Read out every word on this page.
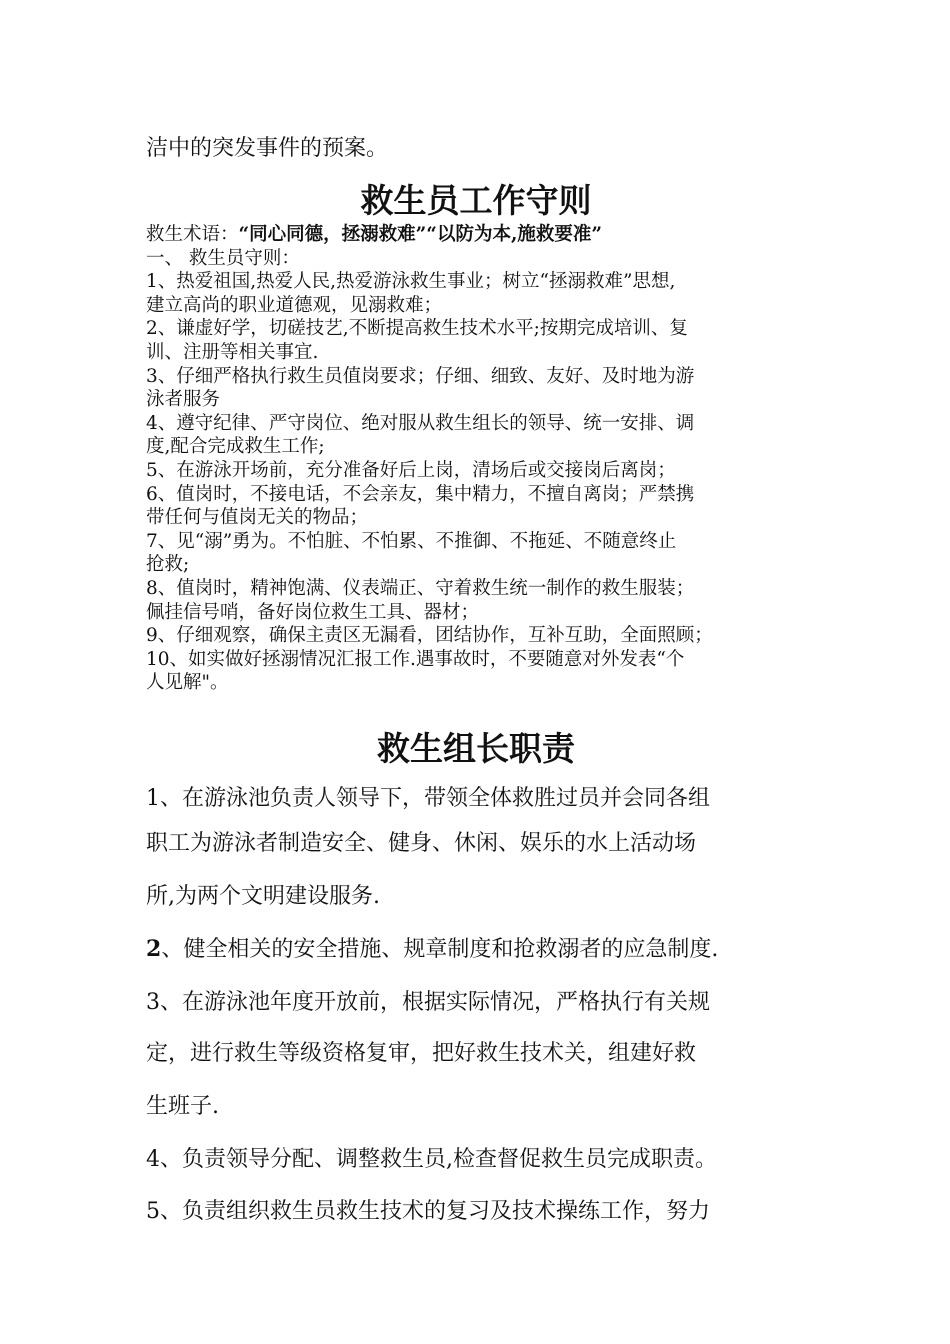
洁中的突发事件的预案。
救生员工作守则
救生术语：“同心同德，拯溺救难”“以防为本,施救要准”
一、 救生员守则：
1、热爱祖国,热爱人民,热爱游泳救生事业；树立“拯溺救难”思想,
建立高尚的职业道德观，见溺救难；
2、谦虚好学，切磋技艺,不断提高救生技术水平;按期完成培训、复
训、注册等相关事宜.
3、仔细严格执行救生员值岗要求；仔细、细致、友好、及时地为游
泳者服务
4、遵守纪律、严守岗位、绝对服从救生组长的领导、统一安排、调
度,配合完成救生工作;
5、在游泳开场前，充分准备好后上岗，清场后或交接岗后离岗；
6、值岗时，不接电话，不会亲友，集中精力，不擅自离岗；严禁携
带任何与值岗无关的物品；
7、见“溺”勇为。不怕脏、不怕累、不推御、不拖延、不随意终止
抢救;
8、值岗时，精神饱满、仪表端正、守着救生统一制作的救生服装；
佩挂信号哨，备好岗位救生工具、器材；
9、仔细观察，确保主责区无漏看，团结协作，互补互助，全面照顾；
10、如实做好拯溺情况汇报工作.遇事故时，不要随意对外发表“个
人见解"。
救生组长职责
1、在游泳池负责人领导下，带领全体救胜过员并会同各组
职工为游泳者制造安全、健身、休闲、娱乐的水上活动场
所,为两个文明建设服务.
2、健全相关的安全措施、规章制度和抢救溺者的应急制度.
3、在游泳池年度开放前，根据实际情况，严格执行有关规
定，进行救生等级资格复审，把好救生技术关，组建好救
生班子.
4、负责领导分配、调整救生员,检查督促救生员完成职责。
5、负责组织救生员救生技术的复习及技术操练工作，努力
